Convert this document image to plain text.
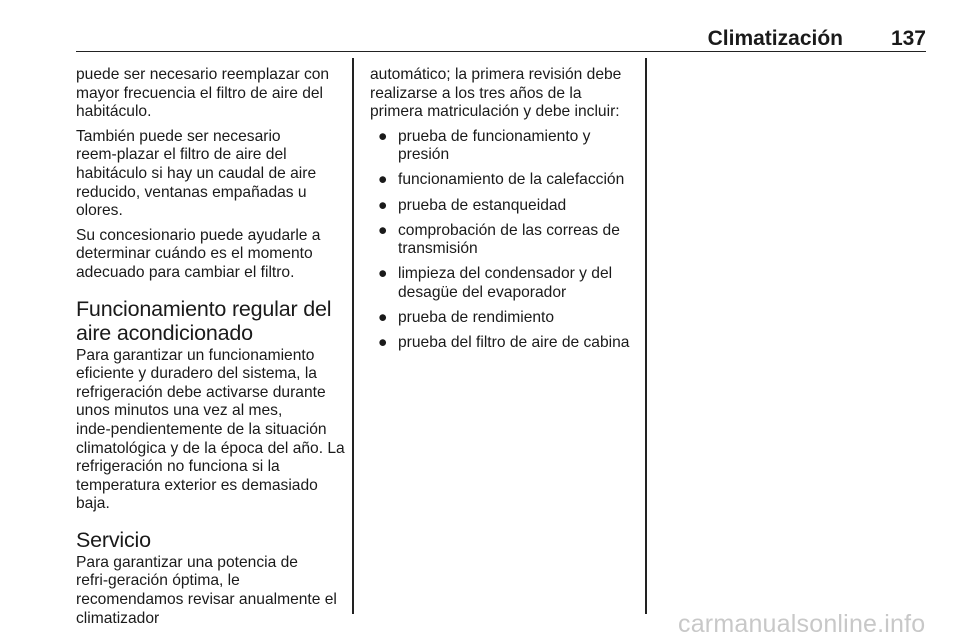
Climatización 137

puede ser necesario reemplazar con mayor frecuencia el filtro de aire del habitáculo.

También puede ser necesario reem‑plazar el filtro de aire del habitáculo si hay un caudal de aire reducido, ventanas empañadas u olores.

Su concesionario puede ayudarle a determinar cuándo es el momento adecuado para cambiar el filtro.

Funcionamiento regular del aire acondicionado

Para garantizar un funcionamiento eficiente y duradero del sistema, la refrigeración debe activarse durante unos minutos una vez al mes, inde‑pendientemente de la situación climatológica y de la época del año. La refrigeración no funciona si la temperatura exterior es demasiado baja.

Servicio

Para garantizar una potencia de refri‑geración óptima, le recomendamos revisar anualmente el climatizador

automático; la primera revisión debe realizarse a los tres años de la primera matriculación y debe incluir:

● prueba de funcionamiento y presión
● funcionamiento de la calefacción
● prueba de estanqueidad
● comprobación de las correas de transmisión
● limpieza del condensador y del desagüe del evaporador
● prueba de rendimiento
● prueba del filtro de aire de cabina
carmanualsonline.info
